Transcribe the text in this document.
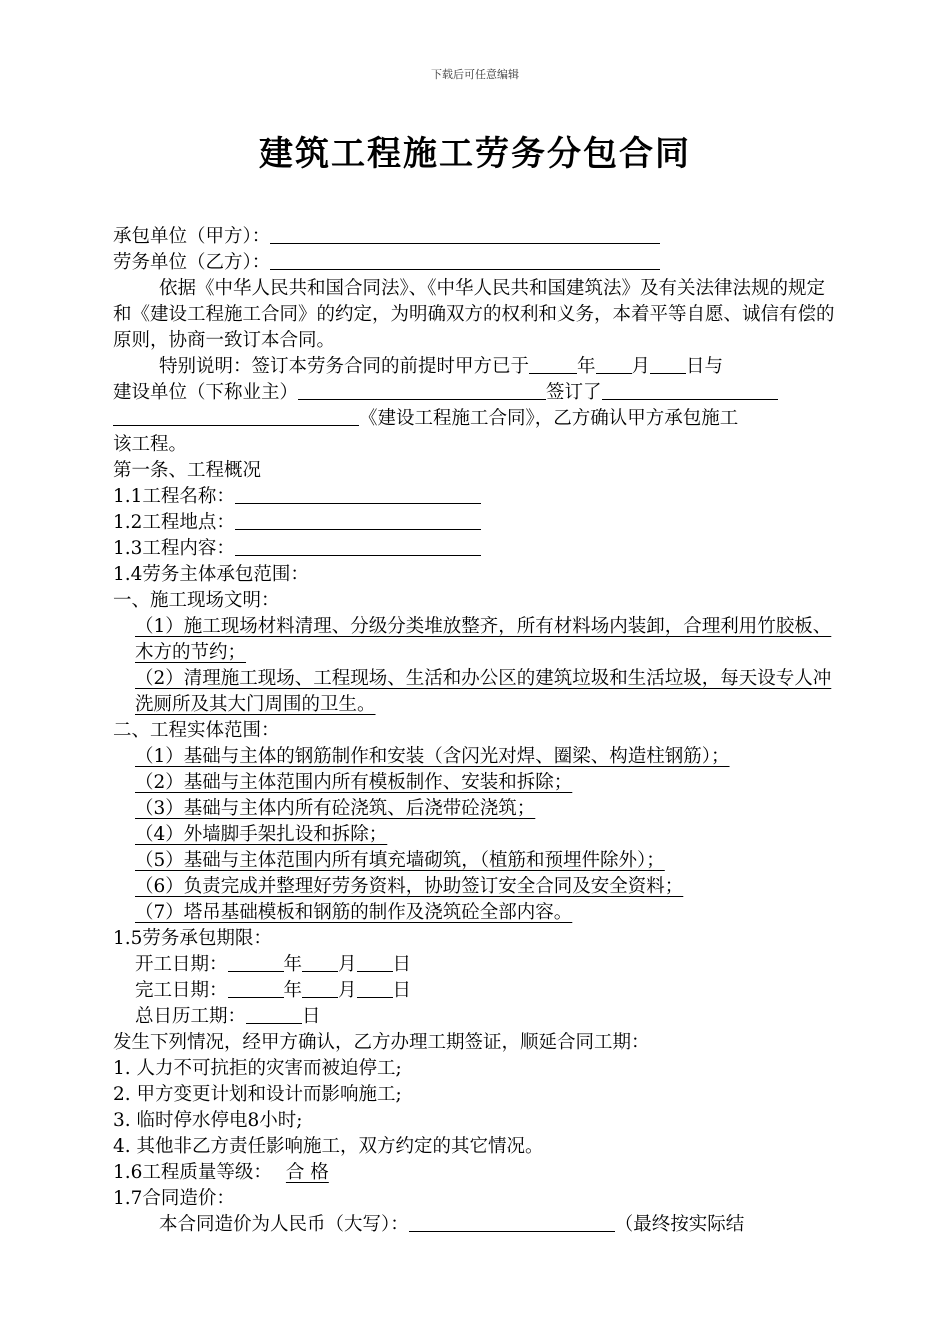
下载后可任意编辑
建筑工程施工劳务分包合同
承包单位（甲方）：
劳务单位（乙方）：
依据《中华人民共和国合同法》、《中华人民共和国建筑法》及有关法律法规的规定和《建设工程施工合同》的约定，为明确双方的权利和义务，本着平等自愿、诚信有偿的原则，协商一致订本合同。
特别说明：签订本劳务合同的前提时甲方已于	年 月 日与
建设单位（下称业主）	签订了
《建设工程施工合同》，乙方确认甲方承包施工
该工程。
第一条、工程概况
1.1工程名称：
1.2工程地点：
1.3工程内容：
1.4劳务主体承包范围：
一、施工现场文明：
（1）施工现场材料清理、分级分类堆放整齐，所有材料场内装卸，合理利用竹胶板、木方的节约；
（2）清理施工现场、工程现场、生活和办公区的建筑垃圾和生活垃圾，每天设专人冲洗厕所及其大门周围的卫生。
二、工程实体范围：
（1）基础与主体的钢筋制作和安装（含闪光对焊、圈梁、构造柱钢筋）；
（2）基础与主体范围内所有模板制作、安装和拆除；
（3）基础与主体内所有砼浇筑、后浇带砼浇筑；
（4）外墙脚手架扎设和拆除；
（5）基础与主体范围内所有填充墙砌筑，（植筋和预埋件除外）；
（6）负责完成并整理好劳务资料，协助签订安全合同及安全资料；
（7）塔吊基础模板和钢筋的制作及浇筑砼全部内容。
1.5劳务承包期限：
开工日期：	年 月 日
完工日期：	年 月 日
总日历工期：	日
发生下列情况，经甲方确认，乙方办理工期签证，顺延合同工期：
1. 人力不可抗拒的灾害而被迫停工;
2. 甲方变更计划和设计而影响施工;
3. 临时停水停电8小时;
4. 其他非乙方责任影响施工，双方约定的其它情况。
1.6工程质量等级： 合 格
1.7合同造价：
本合同造价为人民币（大写）：	（最终按实际结
